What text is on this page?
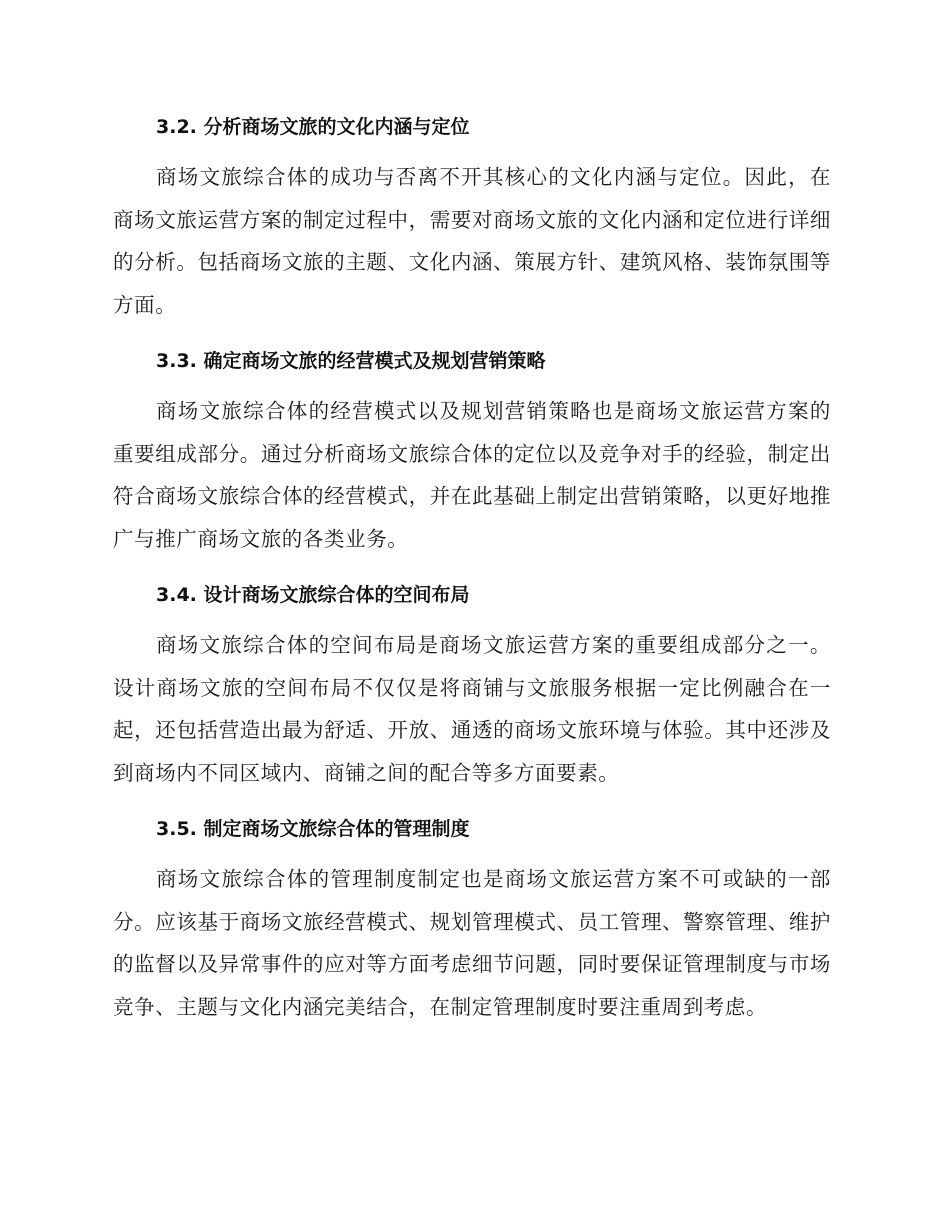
3.2. 分析商场文旅的文化内涵与定位

商场文旅综合体的成功与否离不开其核心的文化内涵与定位。因此，在商场文旅运营方案的制定过程中，需要对商场文旅的文化内涵和定位进行详细的分析。包括商场文旅的主题、文化内涵、策展方针、建筑风格、装饰氛围等方面。

3.3. 确定商场文旅的经营模式及规划营销策略

商场文旅综合体的经营模式以及规划营销策略也是商场文旅运营方案的重要组成部分。通过分析商场文旅综合体的定位以及竞争对手的经验，制定出符合商场文旅综合体的经营模式，并在此基础上制定出营销策略，以更好地推广与推广商场文旅的各类业务。

3.4. 设计商场文旅综合体的空间布局

商场文旅综合体的空间布局是商场文旅运营方案的重要组成部分之一。设计商场文旅的空间布局不仅仅是将商铺与文旅服务根据一定比例融合在一起，还包括营造出最为舒适、开放、通透的商场文旅环境与体验。其中还涉及到商场内不同区域内、商铺之间的配合等多方面要素。

3.5. 制定商场文旅综合体的管理制度

商场文旅综合体的管理制度制定也是商场文旅运营方案不可或缺的一部分。应该基于商场文旅经营模式、规划管理模式、员工管理、警察管理、维护的监督以及异常事件的应对等方面考虑细节问题，同时要保证管理制度与市场竞争、主题与文化内涵完美结合，在制定管理制度时要注重周到考虑。
